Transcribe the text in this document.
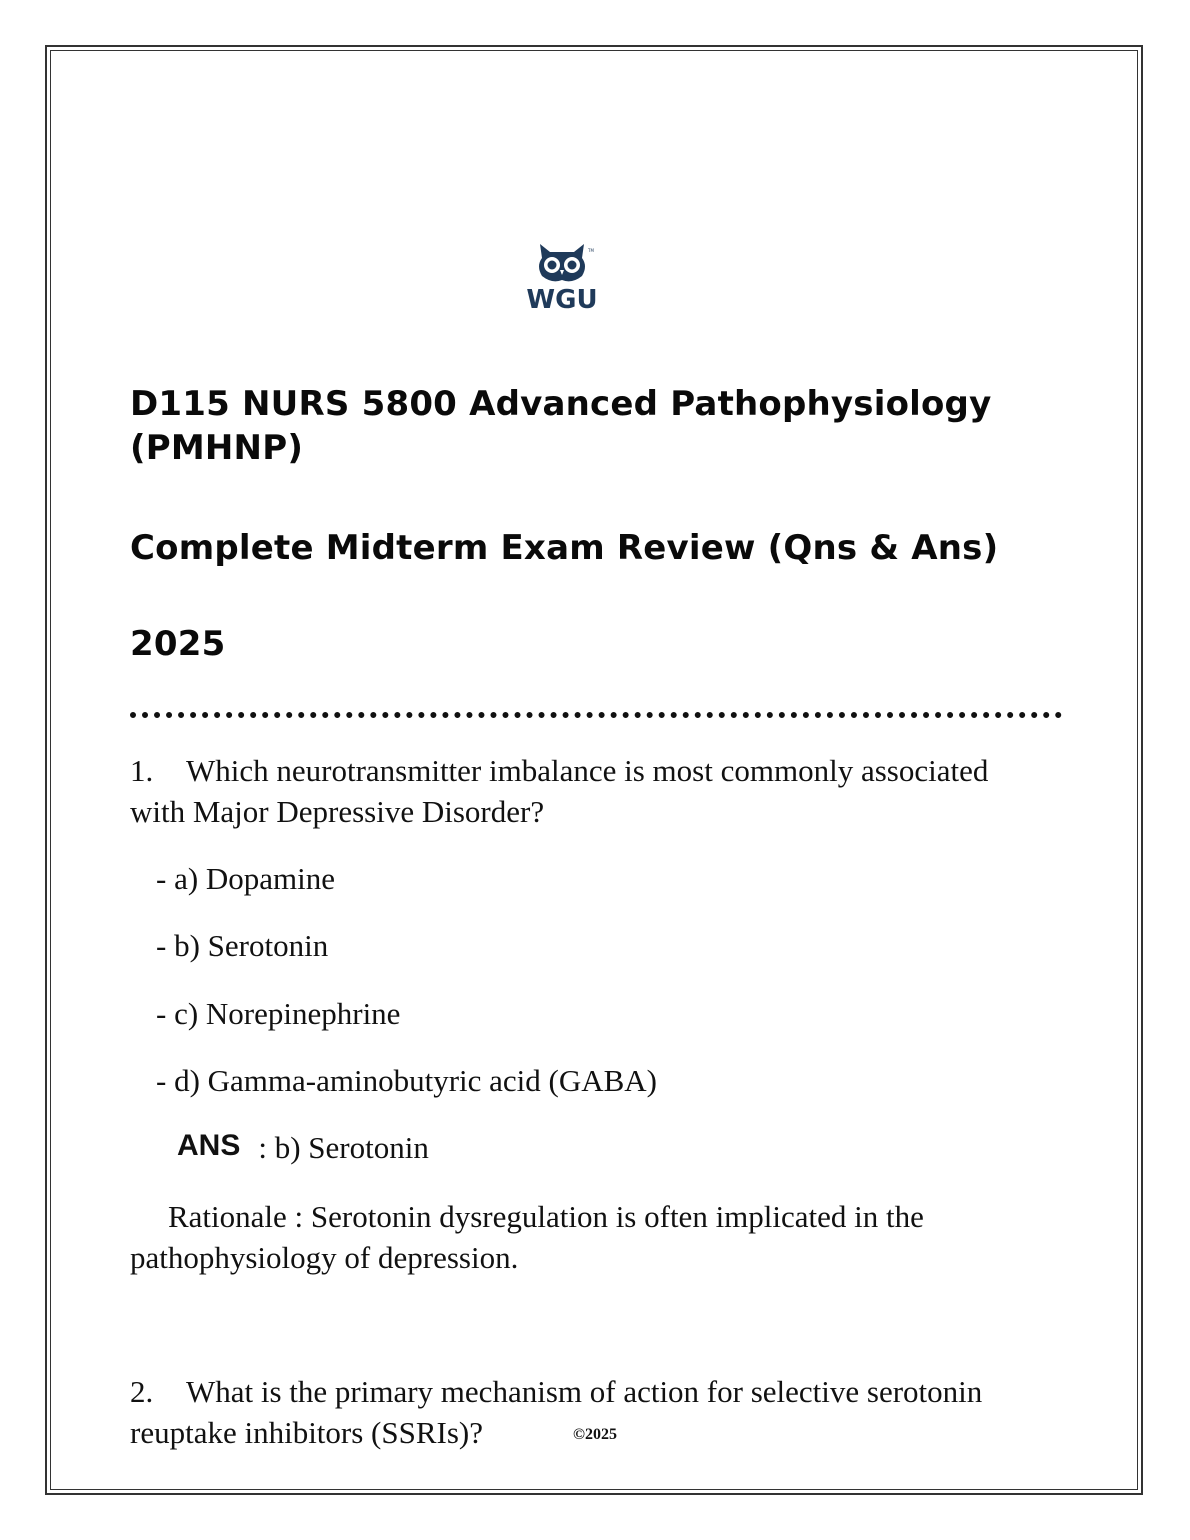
TM
WGU
D115 NURS 5800 Advanced Pathophysiology (PMHNP)
Complete Midterm Exam Review (Qns & Ans)
2025

1. Which neurotransmitter imbalance is most commonly associated with Major Depressive Disorder?

- a) Dopamine

- b) Serotonin

- c) Norepinephrine

- d) Gamma-aminobutyric acid (GABA)

ANS : b) Serotonin

Rationale : Serotonin dysregulation is often implicated in the pathophysiology of depression.

2. What is the primary mechanism of action for selective serotonin reuptake inhibitors (SSRIs)?	©2025
